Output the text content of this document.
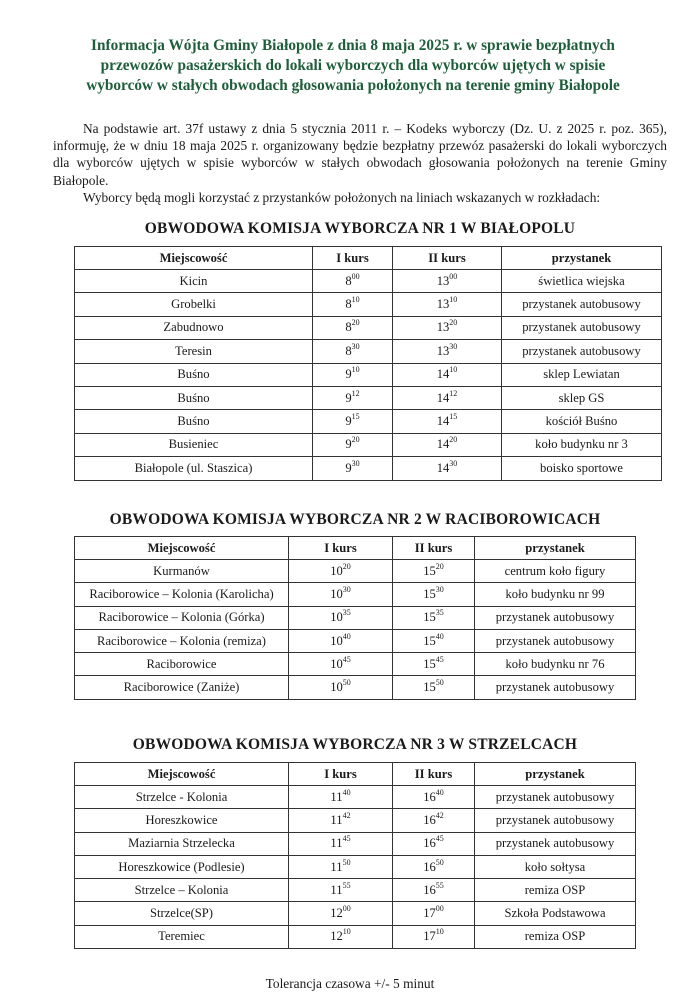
Informacja Wójta Gminy Białopole z dnia 8 maja 2025 r. w sprawie bezpłatnych
przewozów pasażerskich do lokali wyborczych dla wyborców ujętych w spisie
wyborców w stałych obwodach głosowania położonych na terenie gminy Białopole

Na podstawie art. 37f ustawy z dnia 5 stycznia 2011 r. – Kodeks wyborczy (Dz. U. z 2025 r. poz. 365), informuję, że w dniu 18 maja 2025 r. organizowany będzie bezpłatny przewóz pasażerski do lokali wyborczych dla wyborców ujętych w spisie wyborców w stałych obwodach głosowania położonych na terenie Gminy Białopole.

Wyborcy będą mogli korzystać z przystanków położonych na liniach wskazanych w rozkładach:

OBWODOWA KOMISJA WYBORCZA NR 1 W BIAŁOPOLU
Miejscowość	I kurs	II kurs	przystanek
Kicin	$8^{00}$	$13^{00}$	świetlica wiejska
Grobelki	$8^{10}$	$13^{10}$	przystanek autobusowy
Zabudnowo	$8^{20}$	$13^{20}$	przystanek autobusowy
Teresin	$8^{30}$	$13^{30}$	przystanek autobusowy
Buśno	$9^{10}$	$14^{10}$	sklep Lewiatan
Buśno	$9^{12}$	$14^{12}$	sklep GS
Buśno	$9^{15}$	$14^{15}$	kościół Buśno
Busieniec	$9^{20}$	$14^{20}$	koło budynku nr 3
Białopole (ul. Staszica)	$9^{30}$	$14^{30}$	boisko sportowe
OBWODOWA KOMISJA WYBORCZA NR 2 W RACIBOROWICACH
Miejscowość	I kurs	II kurs	przystanek
Kurmanów	$10^{20}$	$15^{20}$	centrum koło figury
Raciborowice – Kolonia (Karolicha)	$10^{30}$	$15^{30}$	koło budynku nr 99
Raciborowice – Kolonia (Górka)	$10^{35}$	$15^{35}$	przystanek autobusowy
Raciborowice – Kolonia (remiza)	$10^{40}$	$15^{40}$	przystanek autobusowy
Raciborowice	$10^{45}$	$15^{45}$	koło budynku nr 76
Raciborowice (Zaniże)	$10^{50}$	$15^{50}$	przystanek autobusowy
OBWODOWA KOMISJA WYBORCZA NR 3 W STRZELCACH
Miejscowość	I kurs	II kurs	przystanek
Strzelce - Kolonia	$11^{40}$	$16^{40}$	przystanek autobusowy
Horeszkowice	$11^{42}$	$16^{42}$	przystanek autobusowy
Maziarnia Strzelecka	$11^{45}$	$16^{45}$	przystanek autobusowy
Horeszkowice (Podlesie)	$11^{50}$	$16^{50}$	koło sołtysa
Strzelce – Kolonia	$11^{55}$	$16^{55}$	remiza OSP
Strzelce(SP)	$12^{00}$	$17^{00}$	Szkoła Podstawowa
Teremiec	$12^{10}$	$17^{10}$	remiza OSP
Tolerancja czasowa +/- 5 minut
